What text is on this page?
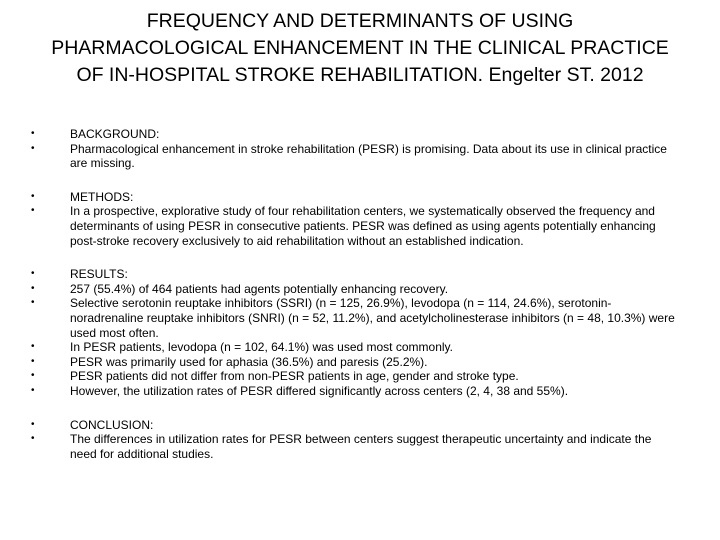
FREQUENCY AND DETERMINANTS OF USING
PHARMACOLOGICAL ENHANCEMENT IN THE CLINICAL PRACTICE
OF IN-HOSPITAL STROKE REHABILITATION. Engelter ST. 2012
•	BACKGROUND:
•	Pharmacological enhancement in stroke rehabilitation (PESR) is promising. Data about its use in clinical practice are missing.
•	METHODS:
•	In a prospective, explorative study of four rehabilitation centers, we systematically observed the frequency and determinants of using PESR in consecutive patients. PESR was defined as using agents potentially enhancing post-stroke recovery exclusively to aid rehabilitation without an established indication.
•	RESULTS:
•	257 (55.4%) of 464 patients had agents potentially enhancing recovery.
•	Selective serotonin reuptake inhibitors (SSRI) (n = 125, 26.9%), levodopa (n = 114, 24.6%), serotonin-noradrenaline reuptake inhibitors (SNRI) (n = 52, 11.2%), and acetylcholinesterase inhibitors (n = 48, 10.3%) were used most often.
•	In PESR patients, levodopa (n = 102, 64.1%) was used most commonly.
•	PESR was primarily used for aphasia (36.5%) and paresis (25.2%).
•	PESR patients did not differ from non-PESR patients in age, gender and stroke type.
•	However, the utilization rates of PESR differed significantly across centers (2, 4, 38 and 55%).
•	CONCLUSION:
•	The differences in utilization rates for PESR between centers suggest therapeutic uncertainty and indicate the need for additional studies.
